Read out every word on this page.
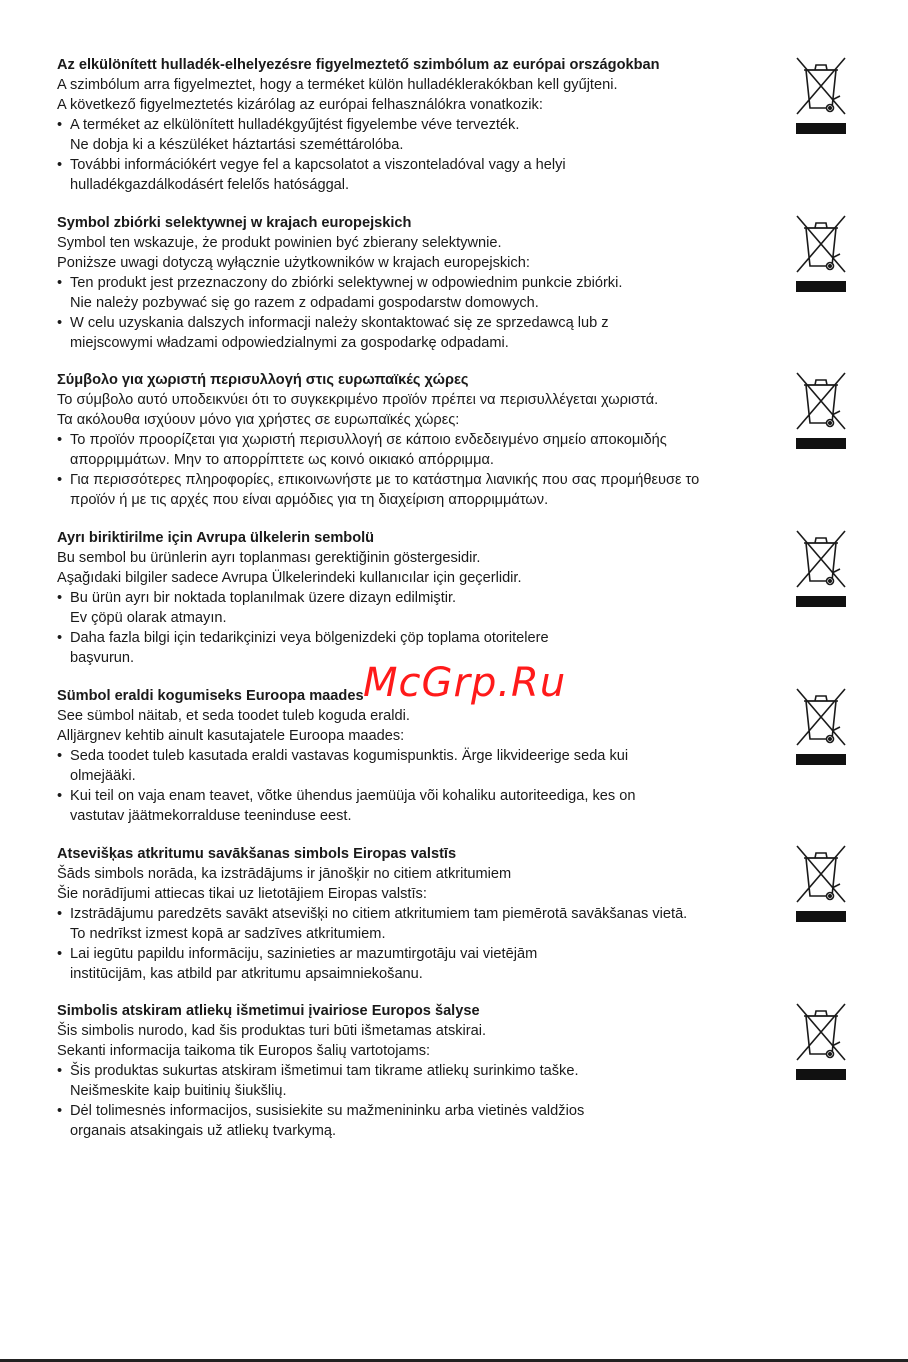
Az elkülönített hulladék-elhelyezésre figyelmeztető szimbólum az európai országokban

A szimbólum arra figyelmeztet, hogy a terméket külön hulladéklerakókban kell gyűjteni.

A következő figyelmeztetés kizárólag az európai felhasználókra vonatkozik:

• A terméket az elkülönített hulladékgyűjtést figyelembe véve tervezték.

Ne dobja ki a készüléket háztartási szeméttárolóba.

• További információkért vegye fel a kapcsolatot a viszonteladóval vagy a helyi

hulladékgazdálkodásért felelős hatósággal.

Symbol zbiórki selektywnej w krajach europejskich

Symbol ten wskazuje, że produkt powinien być zbierany selektywnie.

Poniższe uwagi dotyczą wyłącznie użytkowników w krajach europejskich:

• Ten produkt jest przeznaczony do zbiórki selektywnej w odpowiednim punkcie zbiórki.

Nie należy pozbywać się go razem z odpadami gospodarstw domowych.

• W celu uzyskania dalszych informacji należy skontaktować się ze sprzedawcą lub z

miejscowymi władzami odpowiedzialnymi za gospodarkę odpadami.

Σύμβολο για χωριστή περισυλλογή στις ευρωπαϊκές χώρες

Το σύμβολο αυτό υποδεικνύει ότι το συγκεκριμένο προϊόν πρέπει να περισυλλέγεται χωριστά.

Τα ακόλουθα ισχύουν μόνο για χρήστες σε ευρωπαϊκές χώρες:

• Το προϊόν προορίζεται για χωριστή περισυλλογή σε κάποιο ενδεδειγμένο σημείο αποκομιδής

απορριμμάτων. Μην το απορρίπτετε ως κοινό οικιακό απόρριμμα.

• Για περισσότερες πληροφορίες, επικοινωνήστε με το κατάστημα λιανικής που σας προμήθευσε το

προϊόν ή με τις αρχές που είναι αρμόδιες για τη διαχείριση απορριμμάτων.

Ayrı biriktirilme için Avrupa ülkelerin sembolü

Bu sembol bu ürünlerin ayrı toplanması gerektiğinin göstergesidir.

Aşağıdaki bilgiler sadece Avrupa Ülkelerindeki kullanıcılar için geçerlidir.

• Bu ürün ayrı bir noktada toplanılmak üzere dizayn edilmiştir.

Ev çöpü olarak atmayın.

• Daha fazla bilgi için tedarikçinizi veya bölgenizdeki çöp toplama otoritelere

başvurun.

Sümbol eraldi kogumiseks Euroopa maades

See sümbol näitab, et seda toodet tuleb koguda eraldi.

Alljärgnev kehtib ainult kasutajatele Euroopa maades:

• Seda toodet tuleb kasutada eraldi vastavas kogumispunktis. Ärge likvideerige seda kui

olmejääki.

• Kui teil on vaja enam teavet, võtke ühendus jaemüüja või kohaliku autoriteediga, kes on

vastutav jäätmekorralduse teeninduse eest.

Atsevišķas atkritumu savākšanas simbols Eiropas valstīs

Šāds simbols norāda, ka izstrādājums ir jānošķir no citiem atkritumiem

Šie norādījumi attiecas tikai uz lietotājiem Eiropas valstīs:

• Izstrādājumu paredzēts savākt atsevišķi no citiem atkritumiem tam piemērotā savākšanas vietā.

To nedrīkst izmest kopā ar sadzīves atkritumiem.

• Lai iegūtu papildu informāciju, sazinieties ar mazumtirgotāju vai vietējām

institūcijām, kas atbild par atkritumu apsaimniekošanu.

Simbolis atskiram atliekų išmetimui įvairiose Europos šalyse

Šis simbolis nurodo, kad šis produktas turi būti išmetamas atskirai.

Sekanti informacija taikoma tik Europos šalių vartotojams:

• Šis produktas sukurtas atskiram išmetimui tam tikrame atliekų surinkimo taške.

Neišmeskite kaip buitinių šiukšlių.

• Dėl tolimesnės informacijos, susisiekite su mažmenininku arba vietinės valdžios

organais atsakingais už atliekų tvarkymą.

McGrp.Ru
